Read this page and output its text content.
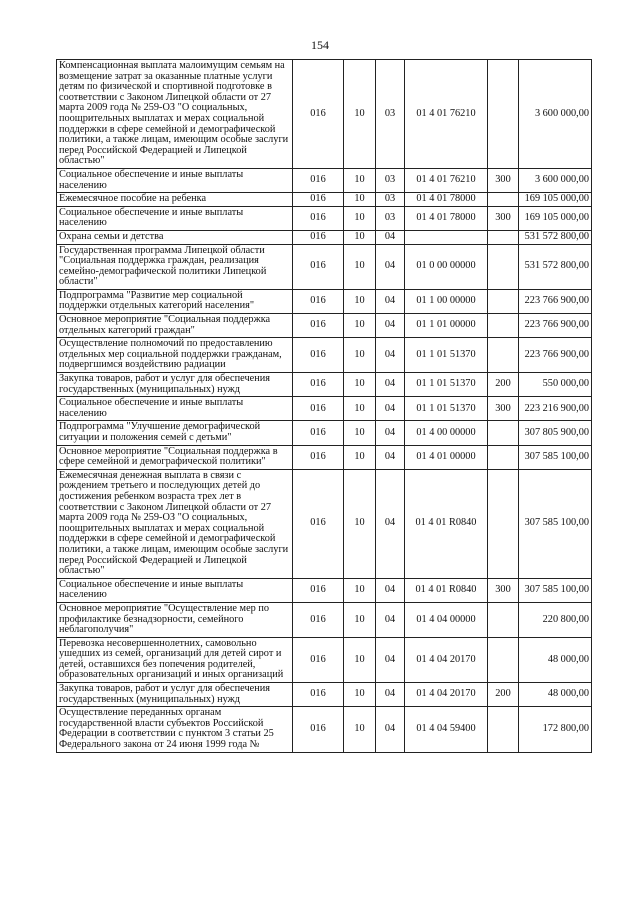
154
Компенсационная выплата малоимущим семьям на возмещение затрат за оказанные платные услуги детям по физической и спортивной подготовке в соответствии с Законом Липецкой области от 27 марта 2009 года № 259-ОЗ "О социальных, поощрительных выплатах и мерах социальной поддержки в сфере семейной и демографической политики, а также лицам, имеющим особые заслуги перед Российской Федерацией и Липецкой областью"	016	10	03	01 4 01 76210		3 600 000,00
Социальное обеспечение и иные выплаты населению	016	10	03	01 4 01 76210	300	3 600 000,00
Ежемесячное пособие на ребенка	016	10	03	01 4 01 78000		169 105 000,00
Социальное обеспечение и иные выплаты населению	016	10	03	01 4 01 78000	300	169 105 000,00
Охрана семьи и детства	016	10	04			531 572 800,00
Государственная программа Липецкой области "Социальная поддержка граждан, реализация семейно-демографической политики Липецкой области"	016	10	04	01 0 00 00000		531 572 800,00
Подпрограмма "Развитие мер социальной поддержки отдельных категорий населения"	016	10	04	01 1 00 00000		223 766 900,00
Основное мероприятие "Социальная поддержка отдельных категорий граждан"	016	10	04	01 1 01 00000		223 766 900,00
Осуществление полномочий по предоставлению отдельных мер социальной поддержки гражданам, подвергшимся воздействию радиации	016	10	04	01 1 01 51370		223 766 900,00
Закупка товаров, работ и услуг для обеспечения государственных (муниципальных) нужд	016	10	04	01 1 01 51370	200	550 000,00
Социальное обеспечение и иные выплаты населению	016	10	04	01 1 01 51370	300	223 216 900,00
Подпрограмма "Улучшение демографической ситуации и положения семей с детьми"	016	10	04	01 4 00 00000		307 805 900,00
Основное мероприятие "Социальная поддержка в сфере семейной и демографической политики"	016	10	04	01 4 01 00000		307 585 100,00
Ежемесячная денежная выплата в связи с рождением третьего и последующих детей до достижения ребенком возраста трех лет в соответствии с Законом Липецкой области от 27 марта 2009 года № 259-ОЗ "О социальных, поощрительных выплатах и мерах социальной поддержки в сфере семейной и демографической политики, а также лицам, имеющим особые заслуги перед Российской Федерацией и Липецкой областью"	016	10	04	01 4 01 R0840		307 585 100,00
Социальное обеспечение и иные выплаты населению	016	10	04	01 4 01 R0840	300	307 585 100,00
Основное мероприятие "Осуществление мер по профилактике безнадзорности, семейного неблагополучия"	016	10	04	01 4 04 00000		220 800,00
Перевозка несовершеннолетних, самовольно ушедших из семей, организаций для детей сирот и детей, оставшихся без попечения родителей, образовательных организаций и иных организаций	016	10	04	01 4 04 20170		48 000,00
Закупка товаров, работ и услуг для обеспечения государственных (муниципальных) нужд	016	10	04	01 4 04 20170	200	48 000,00
Осуществление переданных органам государственной власти субъектов Российской Федерации в соответствии с пунктом 3 статьи 25 Федерального закона от 24 июня 1999 года №	016	10	04	01 4 04 59400		172 800,00
